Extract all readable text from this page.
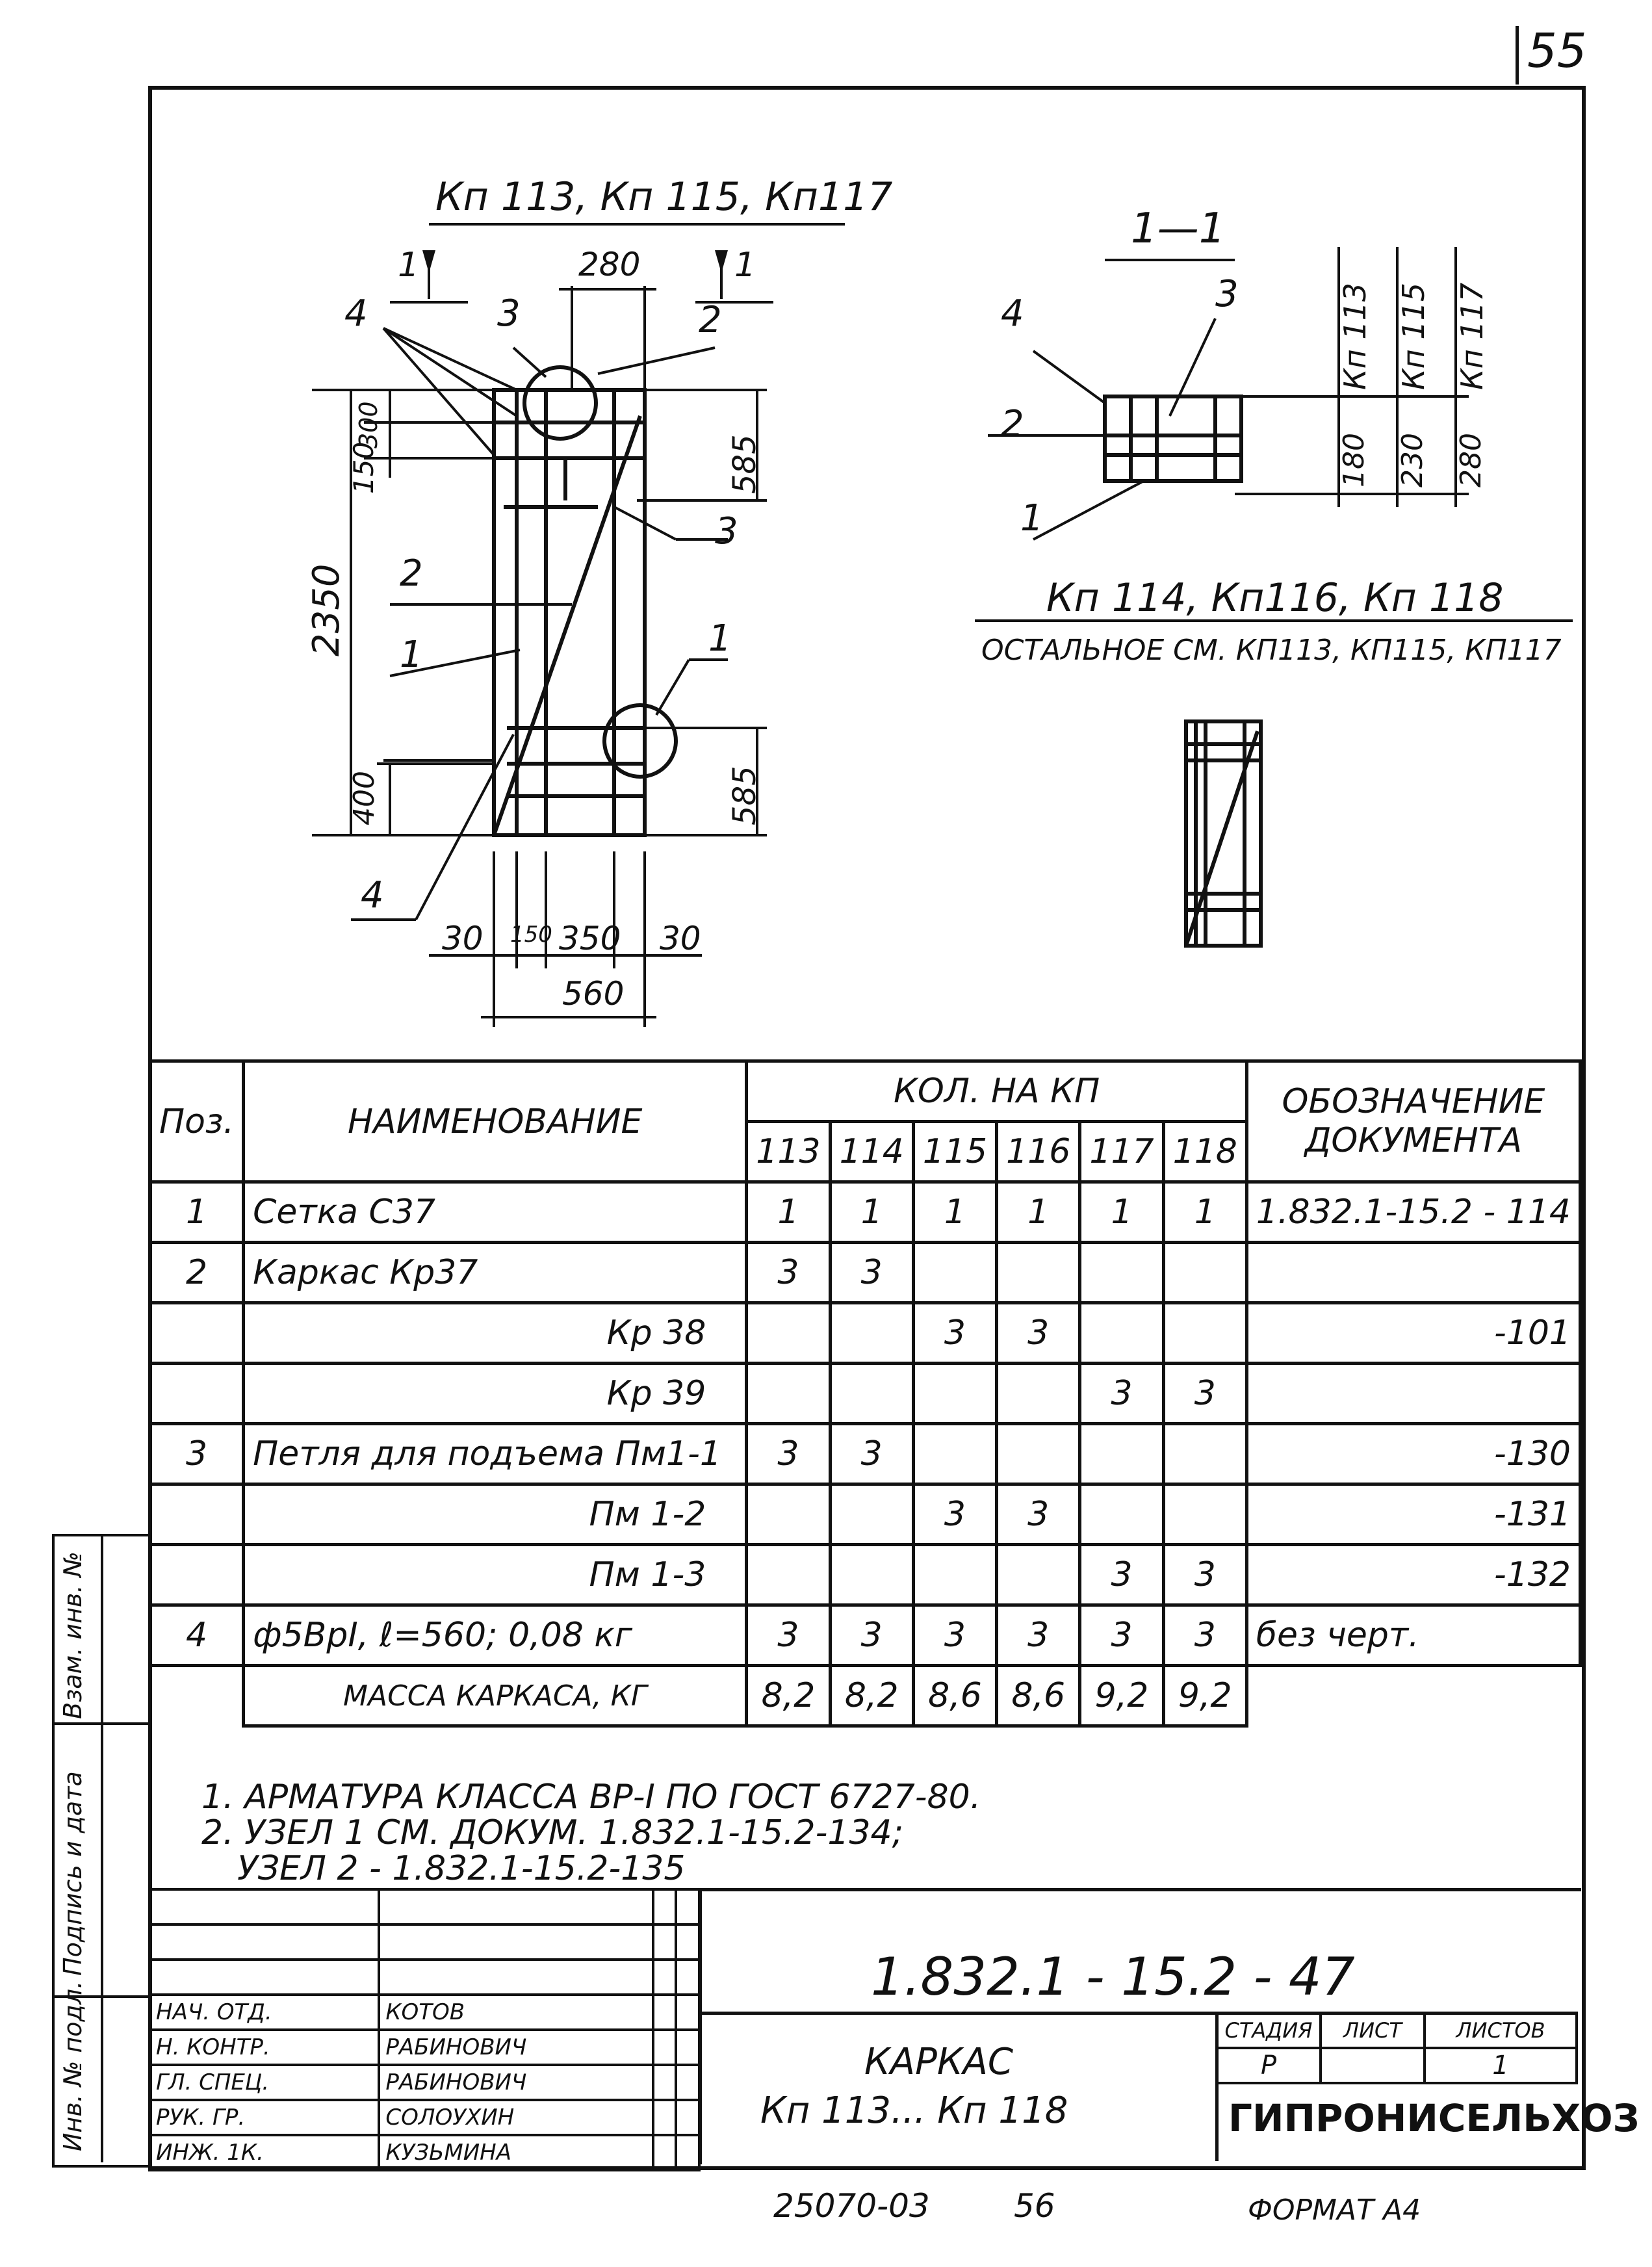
55
Кп 113, Кп 115, Кп117
1	1
280
4	3	2
3
2
1	1
4
2350
150
300
400
585
585
30 150 350 30
560
1—1
4	3
2
1
Кп 113 Кп 115 Кп 117
180 230 280
Кп 114, Кп116, Кп 118
ОСТАЛЬНОЕ СМ. КП113, КП115, КП117
Поз.	НАИМЕНОВАНИЕ	КОЛ. НА КП						ОБОЗНАЧЕНИЕ ДОКУМЕНТА
		113	114	115	116	117	118	
1	Сетка С37	1	1	1	1	1	1	1.832.1-15.2 - 114
2	Каркас Кр37	3	3					
	Кр 38			3	3			-101
	Кр 39					3	3	
3	Петля для подъема Пм1-1	3	3					-130
	Пм 1-2			3	3			-131
	Пм 1-3					3	3	-132
4	ф5ВрI, ℓ=560; 0,08 кг	3	3	3	3	3	3	без черт.
	МАССА КАРКАСА, КГ	8,2	8,2	8,6	8,6	9,2	9,2	
1. АРМАТУРА КЛАССА ВР-I ПО ГОСТ 6727-80.
2. УЗЕЛ 1 СМ. ДОКУМ. 1.832.1-15.2-134;
УЗЕЛ 2 - 1.832.1-15.2-135
Взам. инв. №
Подпись и дата
Инв. № подл.

				НАЧ. ОТД.	КОТОВ		
Н. КОНТР.	РАБИНОВИЧ		
ГЛ. СПЕЦ.	РАБИНОВИЧ		
РУК. ГР.	СОЛОУХИН		
ИНЖ. 1К.	КУЗЬМИНА		
1.832.1 - 15.2 - 47
КАРКАС
Кп 113... Кп 118
СТАДИЯ	ЛИСТ	ЛИСТОВ
Р		1
ГИПРОНИСЕЛЬХОЗ
25070-03	56	ФОРМАТ А4
